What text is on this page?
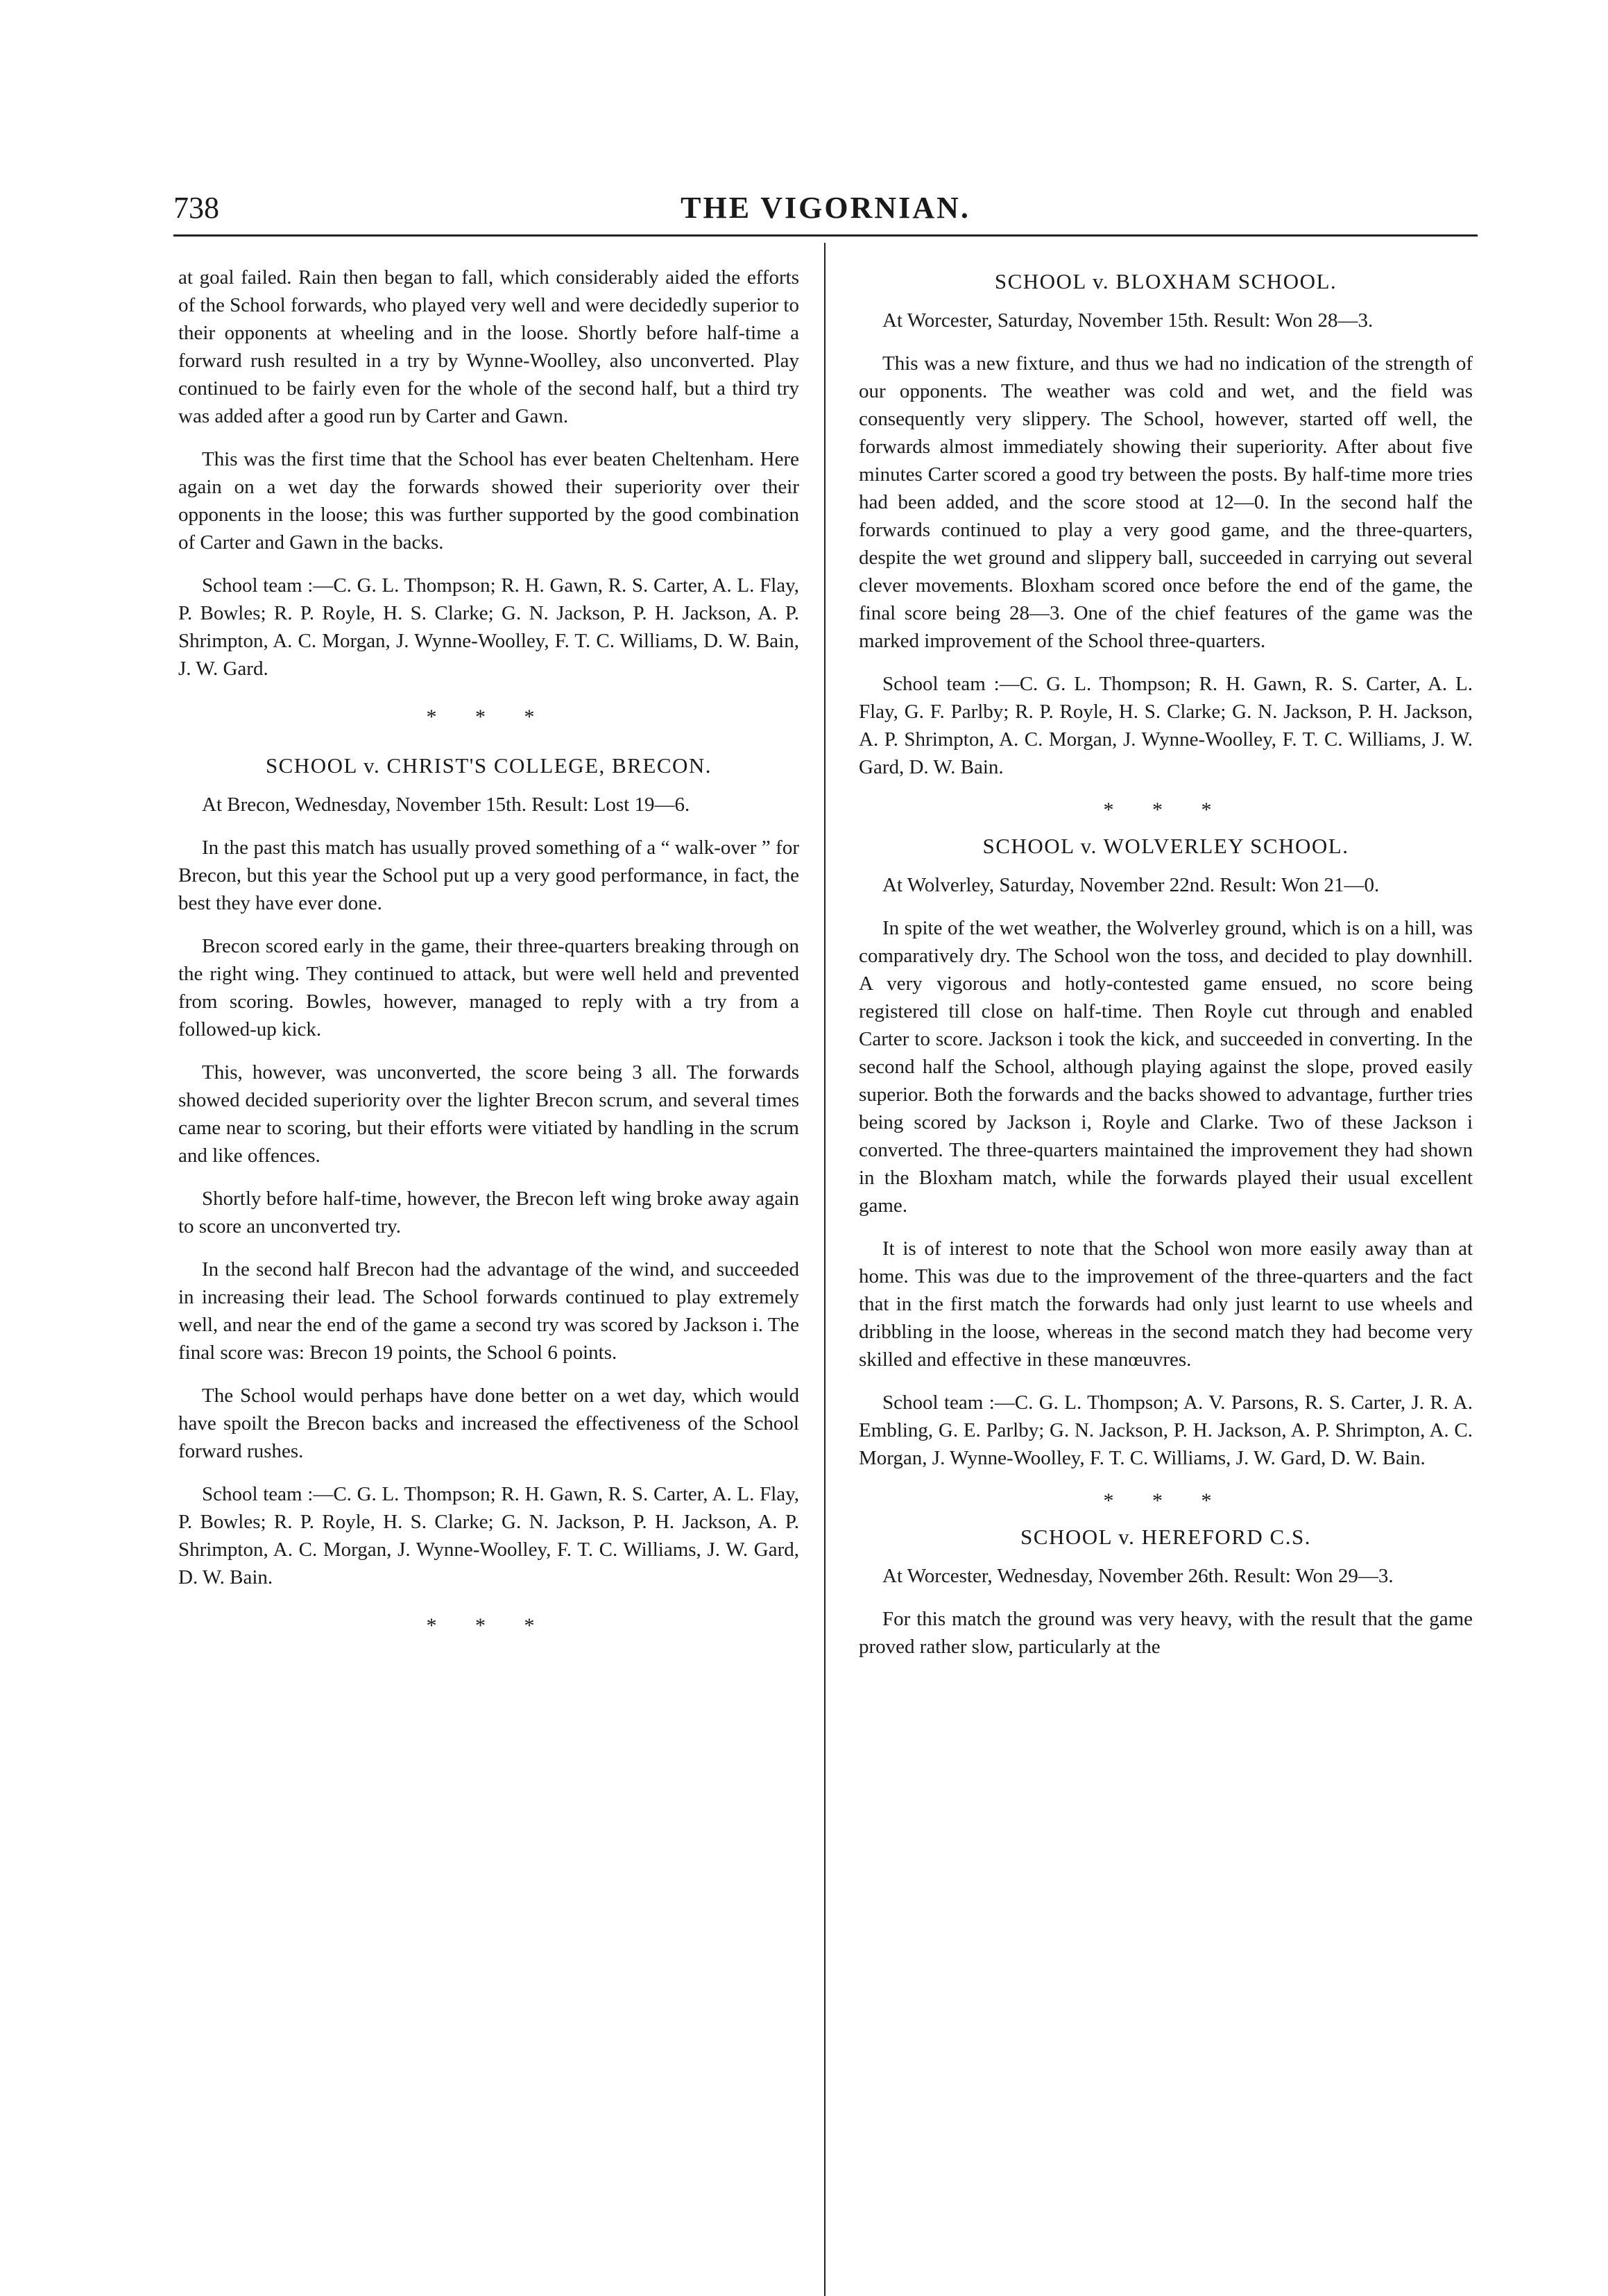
738	THE VIGORNIAN.

at goal failed. Rain then began to fall, which considerably aided the efforts of the School forwards, who played very well and were decidedly superior to their opponents at wheeling and in the loose. Shortly before half-time a forward rush resulted in a try by Wynne-Woolley, also unconverted. Play continued to be fairly even for the whole of the second half, but a third try was added after a good run by Carter and Gawn.

This was the first time that the School has ever beaten Cheltenham. Here again on a wet day the forwards showed their superiority over their opponents in the loose; this was further supported by the good combination of Carter and Gawn in the backs.

School team :—C. G. L. Thompson; R. H. Gawn, R. S. Carter, A. L. Flay, P. Bowles; R. P. Royle, H. S. Clarke; G. N. Jackson, P. H. Jackson, A. P. Shrimpton, A. C. Morgan, J. Wynne-Woolley, F. T. C. Williams, D. W. Bain, J. W. Gard.

* * *
SCHOOL v. CHRIST'S COLLEGE, BRECON.

At Brecon, Wednesday, November 15th. Result: Lost 19—6.

In the past this match has usually proved something of a “ walk-over ” for Brecon, but this year the School put up a very good performance, in fact, the best they have ever done.

Brecon scored early in the game, their three-quarters breaking through on the right wing. They continued to attack, but were well held and prevented from scoring. Bowles, however, managed to reply with a try from a followed-up kick.

This, however, was unconverted, the score being 3 all. The forwards showed decided superiority over the lighter Brecon scrum, and several times came near to scoring, but their efforts were vitiated by handling in the scrum and like offences.

Shortly before half-time, however, the Brecon left wing broke away again to score an unconverted try.

In the second half Brecon had the advantage of the wind, and succeeded in increasing their lead. The School forwards continued to play extremely well, and near the end of the game a second try was scored by Jackson i. The final score was: Brecon 19 points, the School 6 points.

The School would perhaps have done better on a wet day, which would have spoilt the Brecon backs and increased the effectiveness of the School forward rushes.

School team :—C. G. L. Thompson; R. H. Gawn, R. S. Carter, A. L. Flay, P. Bowles; R. P. Royle, H. S. Clarke; G. N. Jackson, P. H. Jackson, A. P. Shrimpton, A. C. Morgan, J. Wynne-Woolley, F. T. C. Williams, J. W. Gard, D. W. Bain.

* * *
SCHOOL v. BLOXHAM SCHOOL.

At Worcester, Saturday, November 15th. Result: Won 28—3.

This was a new fixture, and thus we had no indication of the strength of our opponents. The weather was cold and wet, and the field was consequently very slippery. The School, however, started off well, the forwards almost immediately showing their superiority. After about five minutes Carter scored a good try between the posts. By half-time more tries had been added, and the score stood at 12—0. In the second half the forwards continued to play a very good game, and the three-quarters, despite the wet ground and slippery ball, succeeded in carrying out several clever movements. Bloxham scored once before the end of the game, the final score being 28—3. One of the chief features of the game was the marked improvement of the School three-quarters.

School team :—C. G. L. Thompson; R. H. Gawn, R. S. Carter, A. L. Flay, G. F. Parlby; R. P. Royle, H. S. Clarke; G. N. Jackson, P. H. Jackson, A. P. Shrimpton, A. C. Morgan, J. Wynne-Woolley, F. T. C. Williams, J. W. Gard, D. W. Bain.

* * *
SCHOOL v. WOLVERLEY SCHOOL.

At Wolverley, Saturday, November 22nd. Result: Won 21—0.

In spite of the wet weather, the Wolverley ground, which is on a hill, was comparatively dry. The School won the toss, and decided to play downhill. A very vigorous and hotly-contested game ensued, no score being registered till close on half-time. Then Royle cut through and enabled Carter to score. Jackson i took the kick, and succeeded in converting. In the second half the School, although playing against the slope, proved easily superior. Both the forwards and the backs showed to advantage, further tries being scored by Jackson i, Royle and Clarke. Two of these Jackson i converted. The three-quarters maintained the improvement they had shown in the Bloxham match, while the forwards played their usual excellent game.

It is of interest to note that the School won more easily away than at home. This was due to the improvement of the three-quarters and the fact that in the first match the forwards had only just learnt to use wheels and dribbling in the loose, whereas in the second match they had become very skilled and effective in these manœuvres.

School team :—C. G. L. Thompson; A. V. Parsons, R. S. Carter, J. R. A. Embling, G. E. Parlby; G. N. Jackson, P. H. Jackson, A. P. Shrimpton, A. C. Morgan, J. Wynne-Woolley, F. T. C. Williams, J. W. Gard, D. W. Bain.

* * *
SCHOOL v. HEREFORD C.S.

At Worcester, Wednesday, November 26th. Result: Won 29—3.

For this match the ground was very heavy, with the result that the game proved rather slow, particularly at the
